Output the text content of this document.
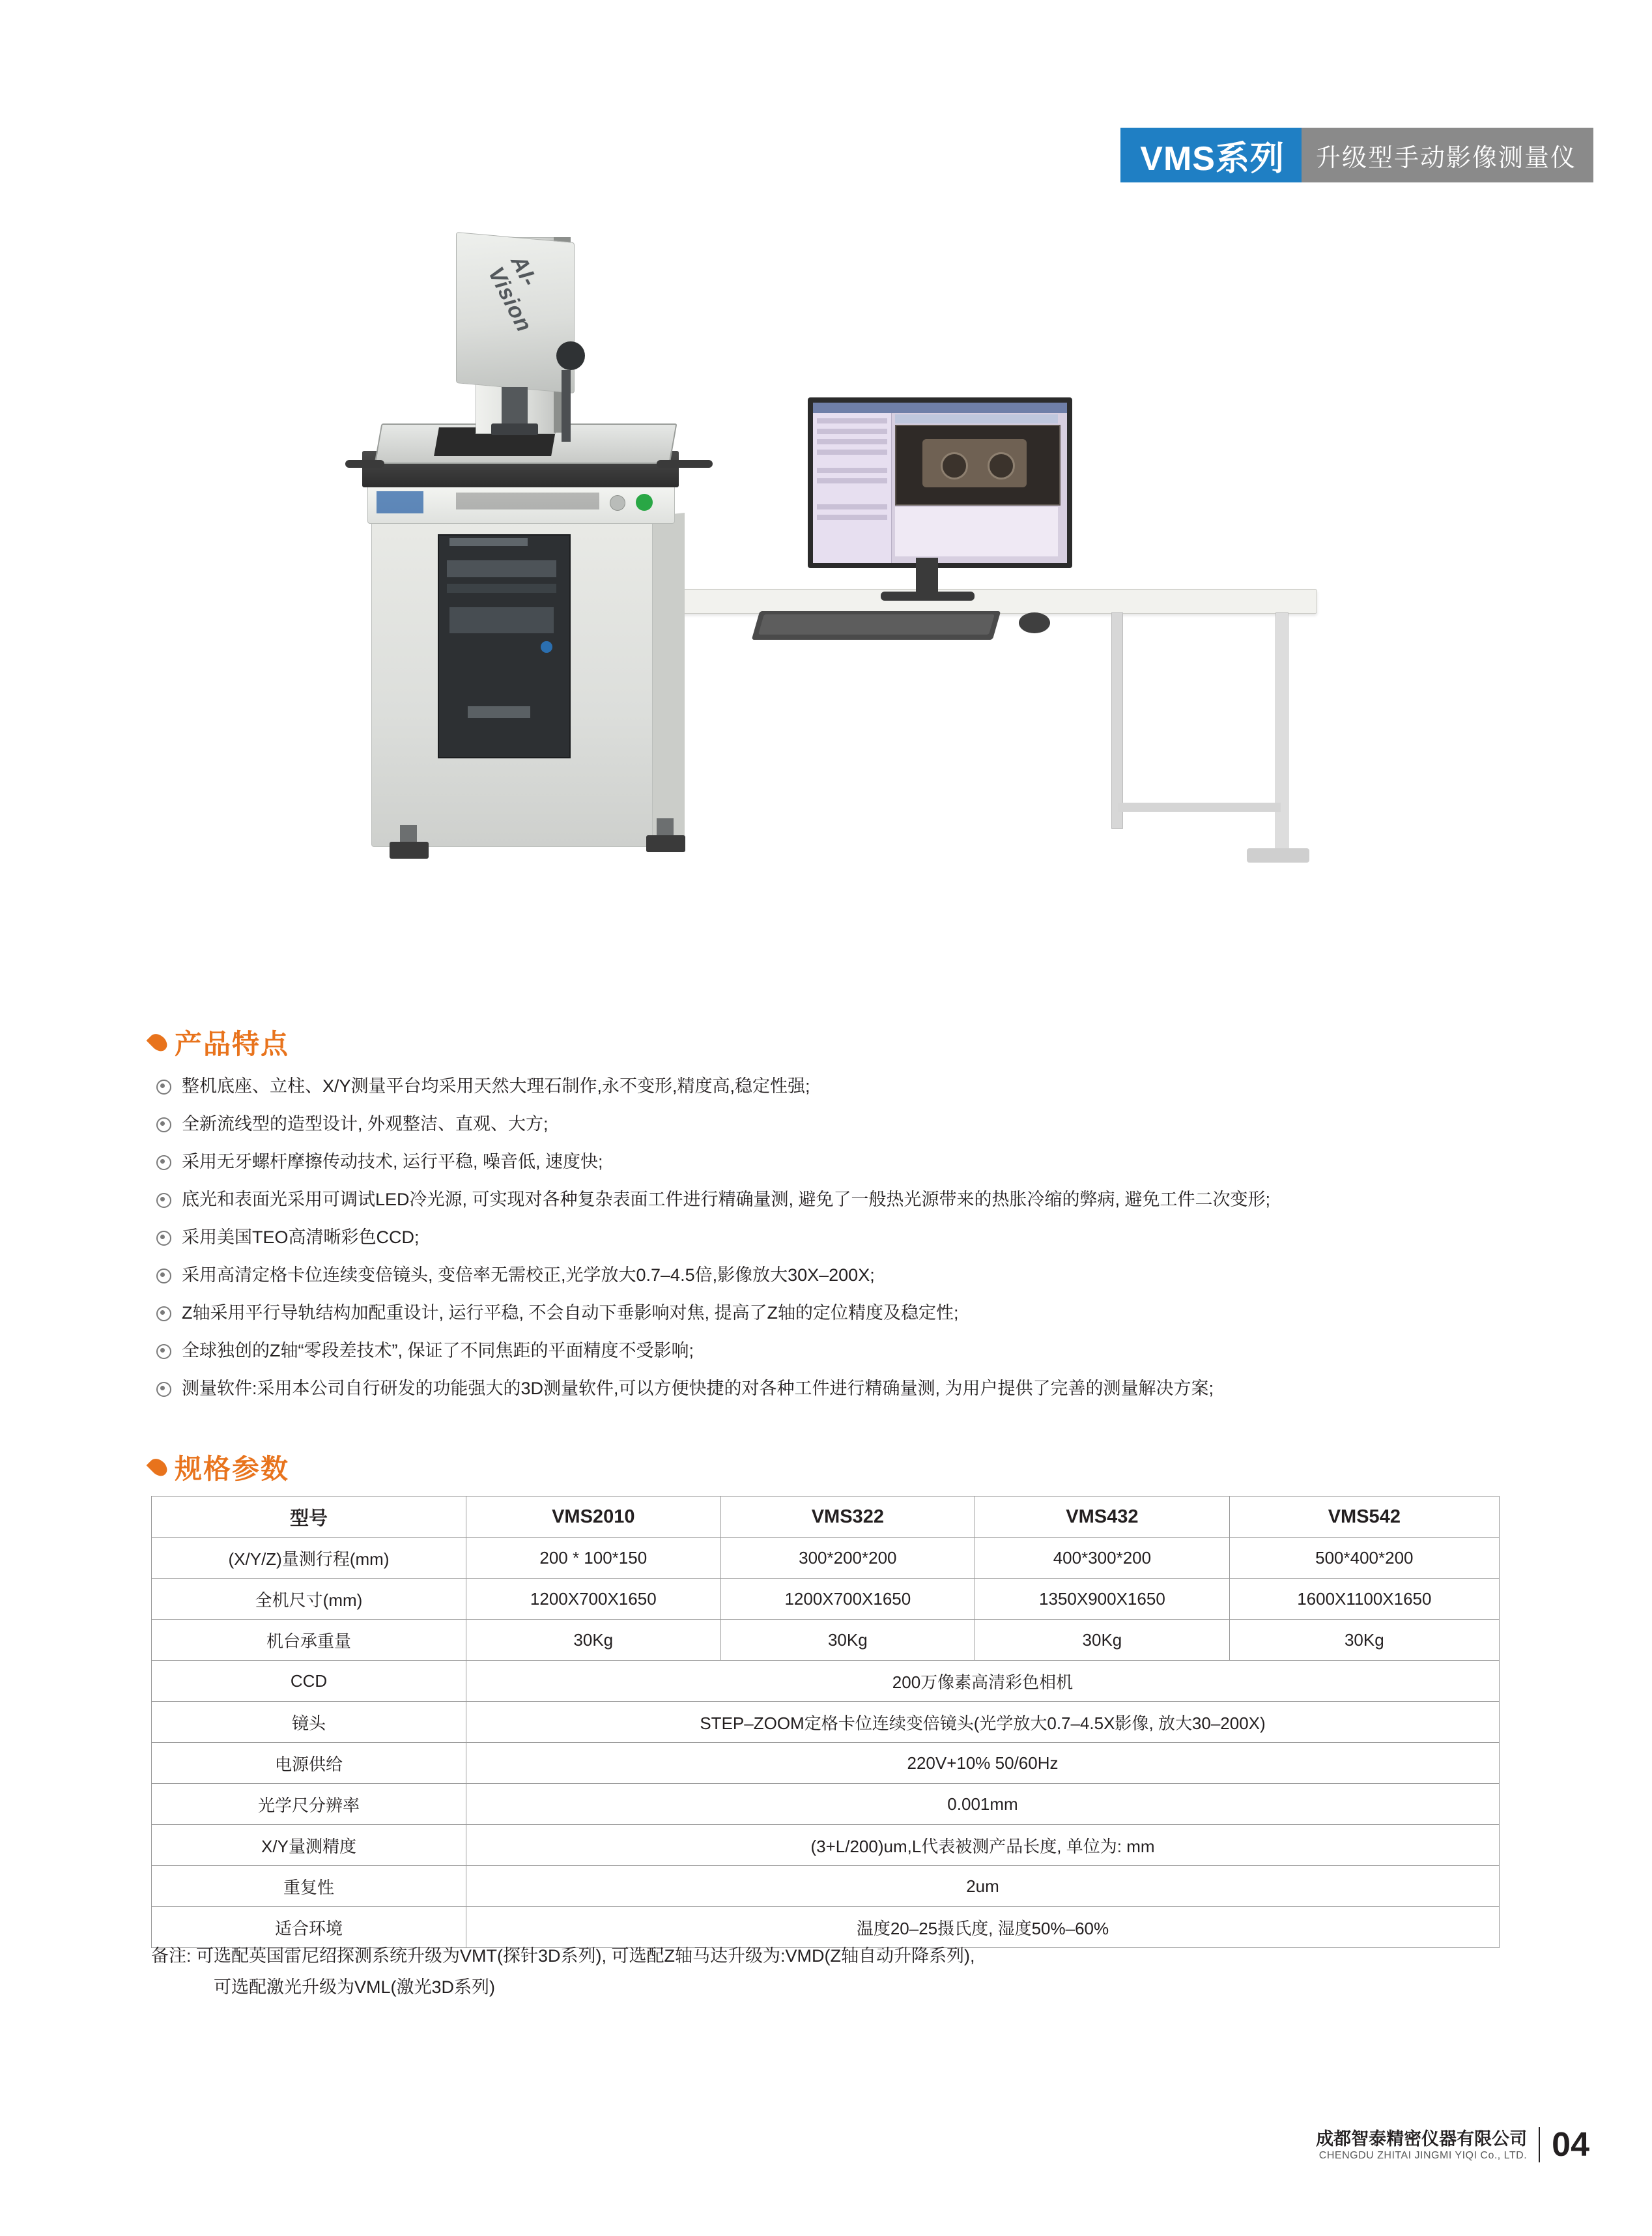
VMS系列	升级型手动影像测量仪
AI-Vision
产品特点
整机底座、立柱、X/Y测量平台均采用天然大理石制作,永不变形,精度高,稳定性强;
全新流线型的造型设计, 外观整洁、直观、大方;
采用无牙螺杆摩擦传动技术, 运行平稳, 噪音低, 速度快;
底光和表面光采用可调试LED冷光源, 可实现对各种复杂表面工件进行精确量测, 避免了一般热光源带来的热胀冷缩的弊病, 避免工件二次变形;
采用美国TEO高清晰彩色CCD;
采用高清定格卡位连续变倍镜头, 变倍率无需校正,光学放大0.7–4.5倍,影像放大30X–200X;
Z轴采用平行导轨结构加配重设计, 运行平稳, 不会自动下垂影响对焦, 提高了Z轴的定位精度及稳定性;
全球独创的Z轴“零段差技术”, 保证了不同焦距的平面精度不受影响;
测量软件:采用本公司自行研发的功能强大的3D测量软件,可以方便快捷的对各种工件进行精确量测, 为用户提供了完善的测量解决方案;
规格参数
型号	VMS2010	VMS322	VMS432	VMS542
(X/Y/Z)量测行程(mm)	200 * 100*150	300*200*200	400*300*200	500*400*200
全机尺寸(mm)	1200X700X1650	1200X700X1650	1350X900X1650	1600X1100X1650
机台承重量	30Kg	30Kg	30Kg	30Kg
CCD	200万像素高清彩色相机			
镜头	STEP–ZOOM定格卡位连续变倍镜头(光学放大0.7–4.5X影像, 放大30–200X)			
电源供给	220V+10% 50/60Hz			
光学尺分辨率	0.001mm			
X/Y量测精度	(3+L/200)um,L代表被测产品长度, 单位为: mm			
重复性	2um			
适合环境	温度20–25摄氏度, 湿度50%–60%			
备注: 可选配英国雷尼绍探测系统升级为VMT(探针3D系列), 可选配Z轴马达升级为:VMD(Z轴自动升降系列),
可选配激光升级为VML(激光3D系列)
成都智泰精密仪器有限公司
CHENGDU ZHITAI JINGMI YIQI Co., LTD. 04
